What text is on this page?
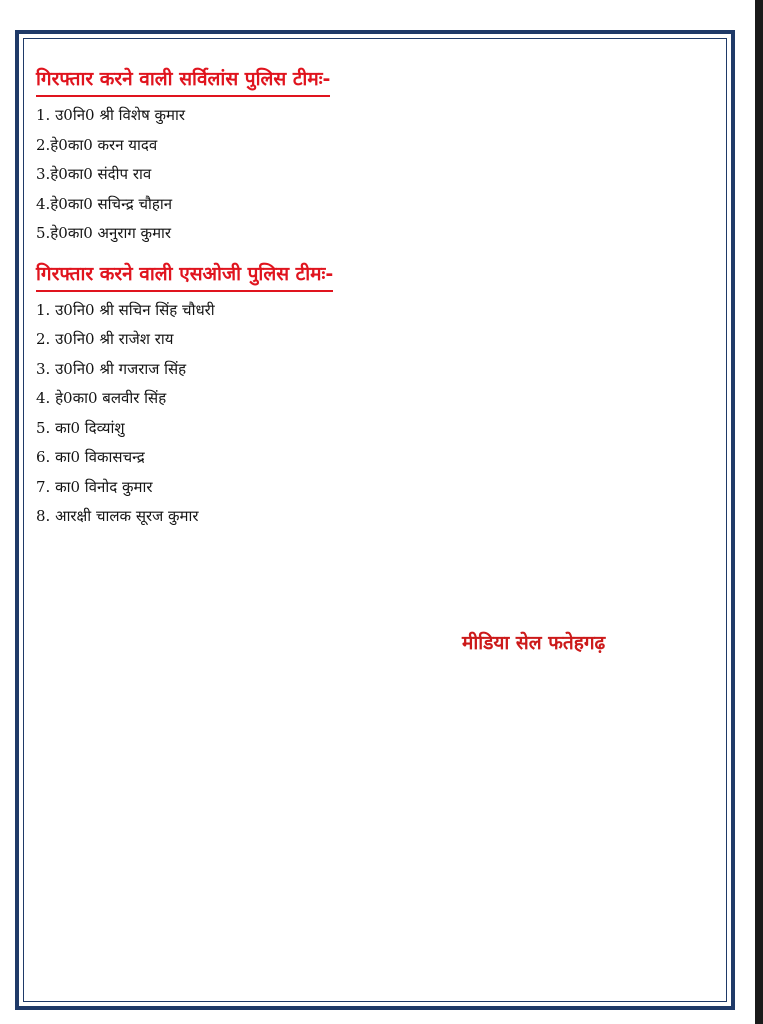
गिरफ्तार करने वाली सर्विलांस पुलिस टीमः-
1. उ0नि0 श्री विशेष कुमार
2.हे0का0 करन यादव
3.हे0का0 संदीप राव
4.हे0का0 सचिन्द्र चौहान
5.हे0का0 अनुराग कुमार
गिरफ्तार करने वाली एसओजी पुलिस टीमः-
1. उ0नि0 श्री सचिन सिंह चौधरी
2. उ0नि0 श्री राजेश राय
3. उ0नि0 श्री गजराज सिंह
4. हे0का0 बलवीर सिंह
5. का0 दिव्यांशु
6. का0 विकासचन्द्र
7. का0 विनोद कुमार
8. आरक्षी चालक सूरज कुमार
मीडिया सेल फतेहगढ़
